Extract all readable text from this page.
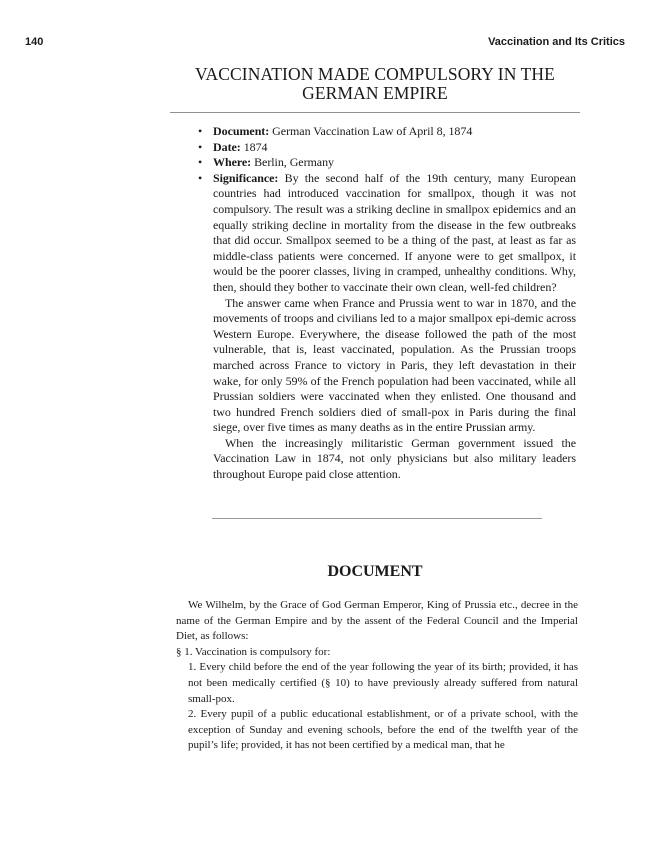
140	Vaccination and Its Critics
VACCINATION MADE COMPULSORY IN THE GERMAN EMPIRE
• Document: German Vaccination Law of April 8, 1874
• Date: 1874
• Where: Berlin, Germany
• Significance: By the second half of the 19th century, many European countries had introduced vaccination for smallpox, though it was not compulsory. The result was a striking decline in smallpox epidemics and an equally striking decline in mortality from the disease in the few outbreaks that did occur. Smallpox seemed to be a thing of the past, at least as far as middle-class patients were concerned. If anyone were to get smallpox, it would be the poorer classes, living in cramped, unhealthy conditions. Why, then, should they bother to vaccinate their own clean, well-fed children?

The answer came when France and Prussia went to war in 1870, and the movements of troops and civilians led to a major smallpox epi-demic across Western Europe. Everywhere, the disease followed the path of the most vulnerable, that is, least vaccinated, population. As the Prussian troops marched across France to victory in Paris, they left devastation in their wake, for only 59% of the French population had been vaccinated, while all Prussian soldiers were vaccinated when they enlisted. One thousand and two hundred French soldiers died of small-pox in Paris during the final siege, over five times as many deaths as in the entire Prussian army.

When the increasingly militaristic German government issued the Vaccination Law in 1874, not only physicians but also military leaders throughout Europe paid close attention.

DOCUMENT

We Wilhelm, by the Grace of God German Emperor, King of Prussia etc., decree in the name of the German Empire and by the assent of the Federal Council and the Imperial Diet, as follows:

§ 1. Vaccination is compulsory for:

1. Every child before the end of the year following the year of its birth; provided, it has not been medically certified (§ 10) to have previously already suffered from natural small-pox.

2. Every pupil of a public educational establishment, or of a private school, with the exception of Sunday and evening schools, before the end of the twelfth year of the pupil’s life; provided, it has not been certified by a medical man, that he
